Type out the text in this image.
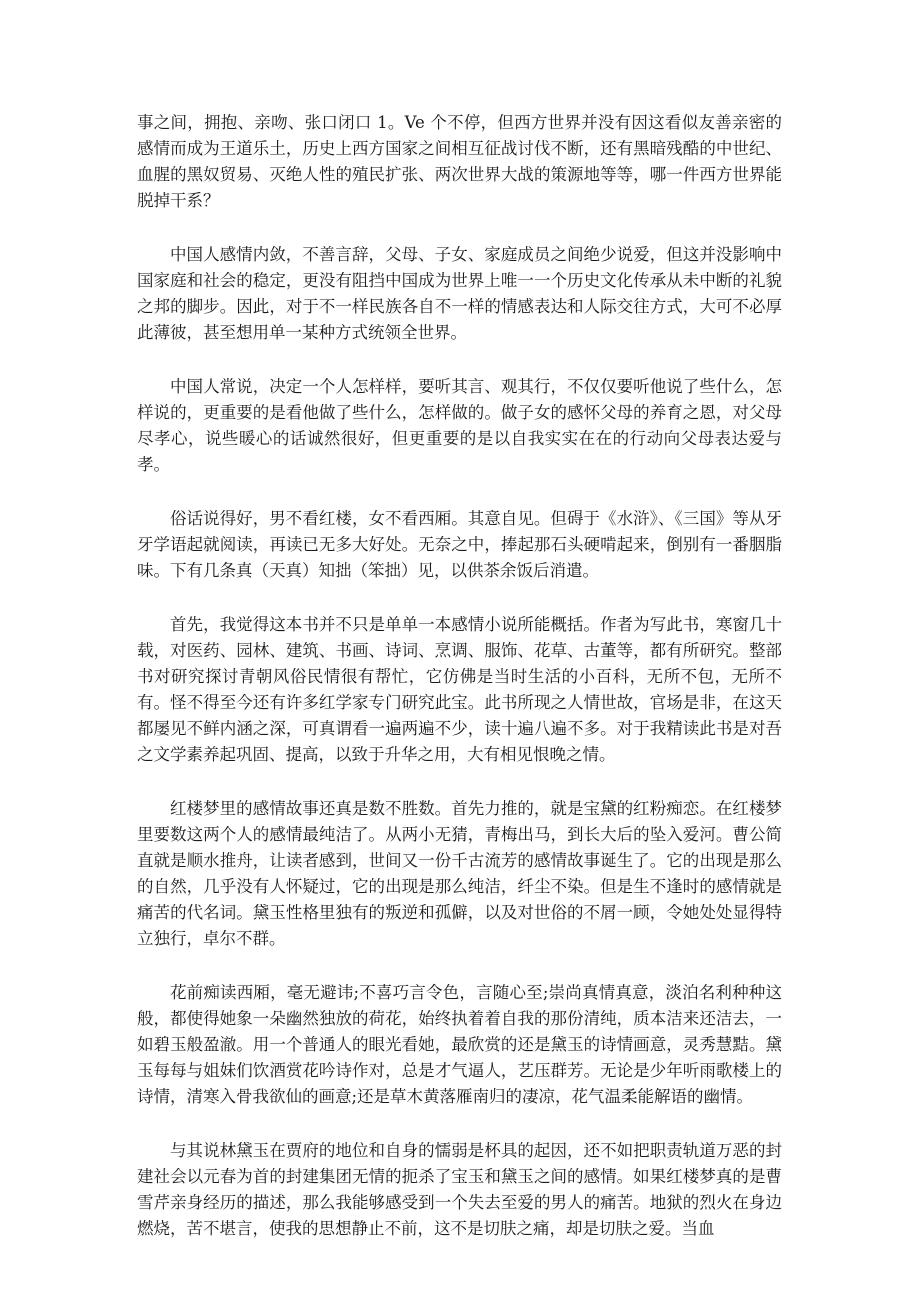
事之间，拥抱、亲吻、张口闭口 1。Ve 个不停，但西方世界并没有因这看似友善亲密的感情而成为王道乐土，历史上西方国家之间相互征战讨伐不断，还有黑暗残酷的中世纪、血腥的黑奴贸易、灭绝人性的殖民扩张、两次世界大战的策源地等等，哪一件西方世界能脱掉干系？

中国人感情内敛，不善言辞，父母、子女、家庭成员之间绝少说爱，但这并没影响中国家庭和社会的稳定，更没有阻挡中国成为世界上唯一一个历史文化传承从未中断的礼貌之邦的脚步。因此，对于不一样民族各自不一样的情感表达和人际交往方式，大可不必厚此薄彼，甚至想用单一某种方式统领全世界。

中国人常说，决定一个人怎样样，要听其言、观其行，不仅仅要听他说了些什么，怎样说的，更重要的是看他做了些什么，怎样做的。做子女的感怀父母的养育之恩，对父母尽孝心，说些暖心的话诚然很好，但更重要的是以自我实实在在的行动向父母表达爱与孝。

俗话说得好，男不看红楼，女不看西厢。其意自见。但碍于《水浒》、《三国》等从牙牙学语起就阅读，再读已无多大好处。无奈之中，捧起那石头硬啃起来，倒别有一番胭脂味。下有几条真（天真）知拙（笨拙）见，以供茶余饭后消遣。

首先，我觉得这本书并不只是单单一本感情小说所能概括。作者为写此书，寒窗几十载，对医药、园林、建筑、书画、诗词、烹调、服饰、花草、古董等，都有所研究。整部书对研究探讨青朝风俗民情很有帮忙，它仿佛是当时生活的小百科，无所不包，无所不有。怪不得至今还有许多红学家专门研究此宝。此书所现之人情世故，官场是非，在这天都屡见不鲜内涵之深，可真谓看一遍两遍不少，读十遍八遍不多。对于我精读此书是对吾之文学素养起巩固、提高，以致于升华之用，大有相见恨晚之情。

红楼梦里的感情故事还真是数不胜数。首先力推的，就是宝黛的红粉痴恋。在红楼梦里要数这两个人的感情最纯洁了。从两小无猜，青梅出马，到长大后的坠入爱河。曹公简直就是顺水推舟，让读者感到，世间又一份千古流芳的感情故事诞生了。它的出现是那么的自然，几乎没有人怀疑过，它的出现是那么纯洁，纤尘不染。但是生不逢时的感情就是痛苦的代名词。黛玉性格里独有的叛逆和孤僻，以及对世俗的不屑一顾，令她处处显得特立独行，卓尔不群。

花前痴读西厢，毫无避讳;不喜巧言令色，言随心至;崇尚真情真意，淡泊名利种种这般，都使得她象一朵幽然独放的荷花，始终执着着自我的那份清纯，质本洁来还洁去，一如碧玉般盈澈。用一个普通人的眼光看她，最欣赏的还是黛玉的诗情画意，灵秀慧黠。黛玉每每与姐妹们饮酒赏花吟诗作对，总是才气逼人，艺压群芳。无论是少年听雨歌楼上的诗情，清寒入骨我欲仙的画意;还是草木黄落雁南归的凄凉，花气温柔能解语的幽情。

与其说林黛玉在贾府的地位和自身的懦弱是杯具的起因，还不如把职责轨道万恶的封建社会以元春为首的封建集团无情的扼杀了宝玉和黛玉之间的感情。如果红楼梦真的是曹雪芹亲身经历的描述，那么我能够感受到一个失去至爱的男人的痛苦。地狱的烈火在身边燃烧，苦不堪言，使我的思想静止不前，这不是切肤之痛，却是切肤之爱。当血
